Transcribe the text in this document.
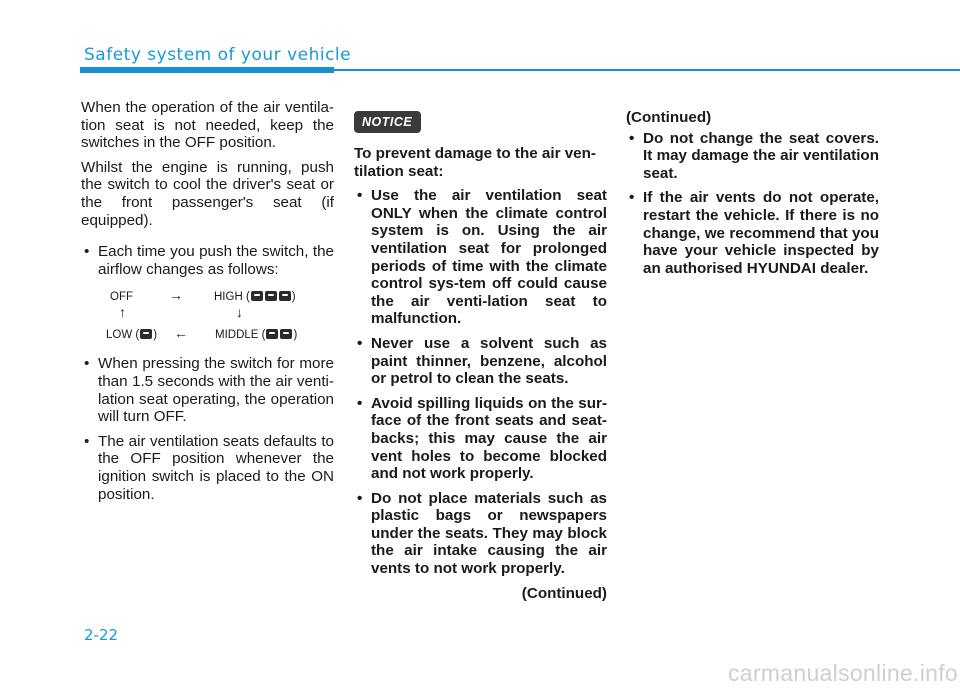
Safety system of your vehicle

When the operation of the air ventila-tion seat is not needed, keep the switches in the OFF position.

Whilst the engine is running, push the switch to cool the driver's seat or the front passenger's seat (if equipped).

• Each time you push the switch, the airflow changes as follows:
OFF	→	HIGH (	)
↑	↓
LOW ( ) ← MIDDLE ( )
• When pressing the switch for more than 1.5 seconds with the air venti-lation seat operating, the operation will turn OFF.
• The air ventilation seats defaults to the OFF position whenever the ignition switch is placed to the ON position.
NOTICE

To prevent damage to the air ven-tilation seat:

• Use the air ventilation seat ONLY when the climate control system is on. Using the air ventilation seat for prolonged periods of time with the climate control sys-tem off could cause the air venti-lation seat to malfunction.
• Never use a solvent such as paint thinner, benzene, alcohol or petrol to clean the seats.
• Avoid spilling liquids on the sur-face of the front seats and seat-backs; this may cause the air vent holes to become blocked and not work properly.
• Do not place materials such as plastic bags or newspapers under the seats. They may block the air intake causing the air vents to not work properly.
(Continued)
(Continued)
• Do not change the seat covers. It may damage the air ventilation seat.
• If the air vents do not operate, restart the vehicle. If there is no change, we recommend that you have your vehicle inspected by an authorised HYUNDAI dealer.
2-22
carmanualsonline.info
